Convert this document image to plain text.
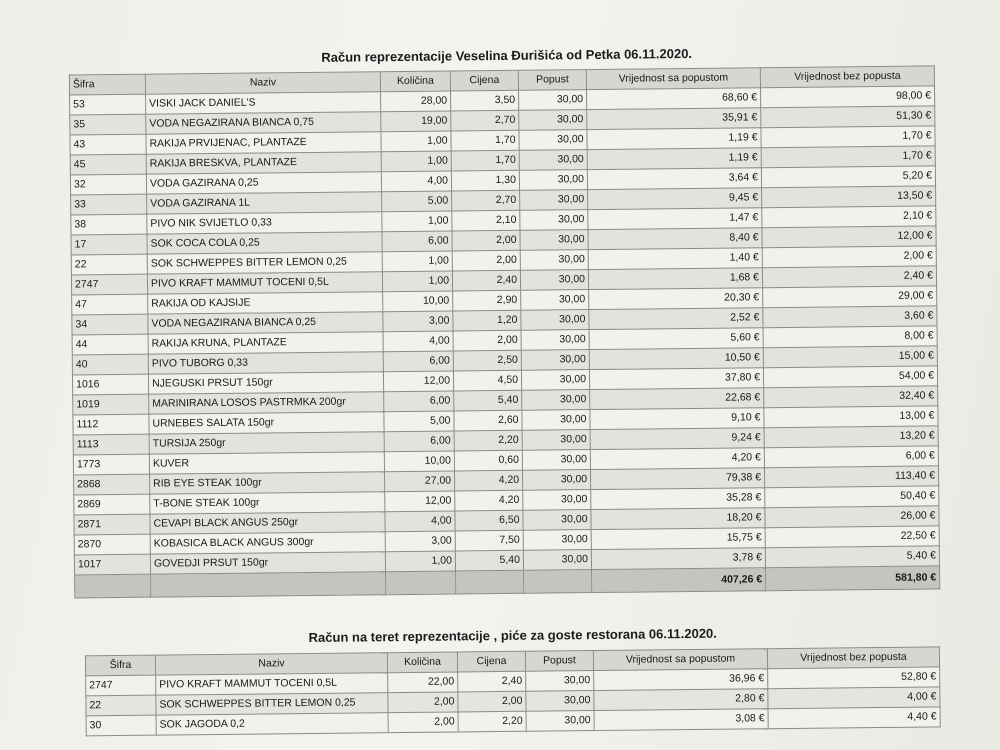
Račun reprezentacije Veselina Đurišića od Petka 06.11.2020.
Šifra	Naziv	Količina	Cijena	Popust	Vrijednost sa popustom	Vrijednost bez popusta
53	VISKI JACK DANIEL'S	28,00	3,50	30,00	68,60 €	98,00 €
35	VODA NEGAZIRANA BIANCA 0,75	19,00	2,70	30,00	35,91 €	51,30 €
43	RAKIJA PRVIJENAC, PLANTAZE	1,00	1,70	30,00	1,19 €	1,70 €
45	RAKIJA BRESKVA, PLANTAZE	1,00	1,70	30,00	1,19 €	1,70 €
32	VODA GAZIRANA 0,25	4,00	1,30	30,00	3,64 €	5,20 €
33	VODA GAZIRANA 1L	5,00	2,70	30,00	9,45 €	13,50 €
38	PIVO NIK SVIJETLO 0,33	1,00	2,10	30,00	1,47 €	2,10 €
17	SOK COCA COLA 0,25	6,00	2,00	30,00	8,40 €	12,00 €
22	SOK SCHWEPPES BITTER LEMON 0,25	1,00	2,00	30,00	1,40 €	2,00 €
2747	PIVO KRAFT MAMMUT TOCENI 0,5L	1,00	2,40	30,00	1,68 €	2,40 €
47	RAKIJA OD KAJSIJE	10,00	2,90	30,00	20,30 €	29,00 €
34	VODA NEGAZIRANA BIANCA 0,25	3,00	1,20	30,00	2,52 €	3,60 €
44	RAKIJA KRUNA, PLANTAZE	4,00	2,00	30,00	5,60 €	8,00 €
40	PIVO TUBORG 0,33	6,00	2,50	30,00	10,50 €	15,00 €
1016	NJEGUSKI PRSUT 150gr	12,00	4,50	30,00	37,80 €	54,00 €
1019	MARINIRANA LOSOS PASTRMKA 200gr	6,00	5,40	30,00	22,68 €	32,40 €
1112	URNEBES SALATA 150gr	5,00	2,60	30,00	9,10 €	13,00 €
1113	TURSIJA 250gr	6,00	2,20	30,00	9,24 €	13,20 €
1773	KUVER	10,00	0,60	30,00	4,20 €	6,00 €
2868	RIB EYE STEAK 100gr	27,00	4,20	30,00	79,38 €	113,40 €
2869	T-BONE STEAK 100gr	12,00	4,20	30,00	35,28 €	50,40 €
2871	CEVAPI BLACK ANGUS 250gr	4,00	6,50	30,00	18,20 €	26,00 €
2870	KOBASICA BLACK ANGUS 300gr	3,00	7,50	30,00	15,75 €	22,50 €
1017	GOVEDJI PRSUT 150gr	1,00	5,40	30,00	3,78 €	5,40 €
					407,26 €	581,80 €
Račun na teret reprezentacije , piće za goste restorana 06.11.2020.
Šifra	Naziv	Količina	Cijena	Popust	Vrijednost sa popustom	Vrijednost bez popusta
2747	PIVO KRAFT MAMMUT TOCENI 0,5L	22,00	2,40	30,00	36,96 €	52,80 €
22	SOK SCHWEPPES BITTER LEMON 0,25	2,00	2,00	30,00	2,80 €	4,00 €
30	SOK JAGODA 0,2	2,00	2,20	30,00	3,08 €	4,40 €
